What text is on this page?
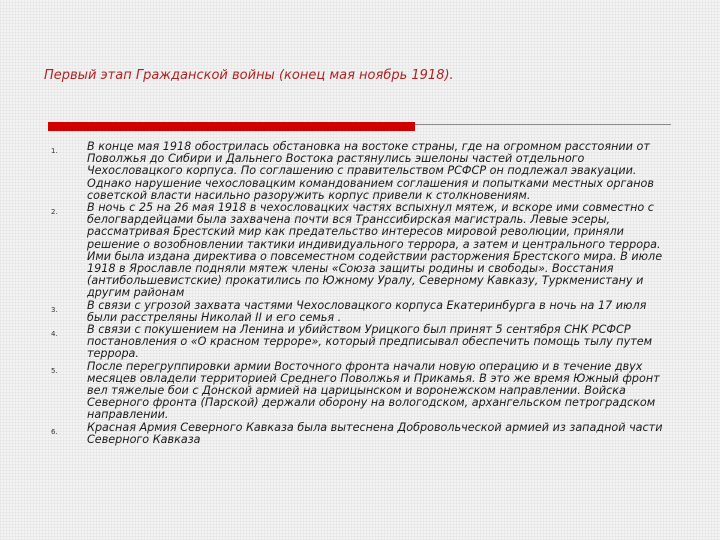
Первый этап Гражданской войны (конец мая ноябрь 1918).
1.	В конце мая 1918 обострилась обстановка на востоке страны, где на огромном расстоянии от Поволжья до Сибири и Дальнего Востока растянулись эшелоны частей отдельного Чехословацкого корпуса. По соглашению с правительством РСФСР он подлежал эвакуации. Однако нарушение чехословацким командованием соглашения и попытками местных органов советской власти насильно разоружить корпус привели к столкновениям.
2.	В ночь с 25 на 26 мая 1918 в чехословацких частях вспыхнул мятеж, и вскоре ими совместно с белогвардейцами была захвачена почти вся Транссибирская магистраль. Левые эсеры, рассматривая Брестский мир как предательство интересов мировой революции, приняли решение о возобновлении тактики индивидуального террора, а затем и центрального террора. Ими была издана директива о повсеместном содействии расторжения Брестского мира. В июле 1918 в Ярославле подняли мятеж члены «Союза защиты родины и свободы». Восстания (антибольшевистские) прокатились по Южному Уралу, Северному Кавказу, Туркменистану и другим районам
3.	В связи с угрозой захвата частями Чехословацкого корпуса Екатеринбурга в ночь на 17 июля были расстреляны Николай II и его семья .
4.	В связи с покушением на Ленина и убийством Урицкого был принят 5 сентября СНК РСФСР постановления о «О красном терроре», который предписывал обеспечить помощь тылу путем террора.
5.	После перегруппировки армии Восточного фронта начали новую операцию и в течение двух месяцев овладели территорией Среднего Поволжья и Прикамья. В это же время Южный фронт вел тяжелые бои с Донской армией на царицынском и воронежском направлении. Войска Северного фронта (Парской) держали оборону на вологодском, архангельском петроградском направлении.
6.	Красная Армия Северного Кавказа была вытеснена Добровольческой армией из западной части Северного Кавказа
